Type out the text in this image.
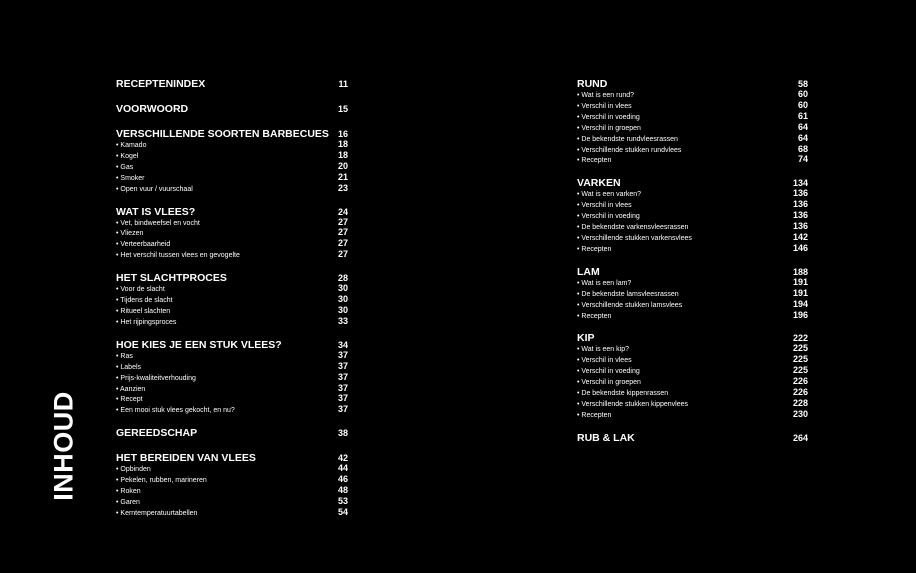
INHOUD
RECEPTENINDEX	11
VOORWOORD	15
VERSCHILLENDE SOORTEN BARBECUES 16
• Kamado	18
• Kogel	18
• Gas	20
• Smoker	21
• Open vuur / vuurschaal	23
WAT IS VLEES?	24
• Vet, bindweefsel en vocht	27
• Vliezen	27
• Verteerbaarheid	27
• Het verschil tussen vlees en gevogelte	27
HET SLACHTPROCES	28
• Voor de slacht	30
• Tijdens de slacht	30
• Ritueel slachten	30
• Het rijpingsproces	33
HOE KIES JE EEN STUK VLEES?	34
• Ras	37
• Labels	37
• Prijs-kwaliteitverhouding	37
• Aanzien	37
• Recept	37
• Een mooi stuk vlees gekocht, en nu?	37
GEREEDSCHAP	38
HET BEREIDEN VAN VLEES	42
• Opbinden	44
• Pekelen, rubben, marineren	46
• Roken	48
• Garen	53
• Kerntemperatuurtabellen	54
RUND	58
• Wat is een rund?	60
• Verschil in vlees	60
• Verschil in voeding	61
• Verschil in groepen	64
• De bekendste rundvleesrassen	64
• Verschillende stukken rundvlees	68
• Recepten	74
VARKEN	134
• Wat is een varken?	136
• Verschil in vlees	136
• Verschil in voeding	136
• De bekendste varkensvleesrassen	136
• Verschillende stukken varkensvlees	142
• Recepten	146
LAM	188
• Wat is een lam?	191
• De bekendste lamsvleesrassen	191
• Verschillende stukken lamsvlees	194
• Recepten	196
KIP	222
• Wat is een kip?	225
• Verschil in vlees	225
• Verschil in voeding	225
• Verschil in groepen	226
• De bekendste kippenrassen	226
• Verschillende stukken kippenvlees	228
• Recepten	230
RUB & LAK	264
